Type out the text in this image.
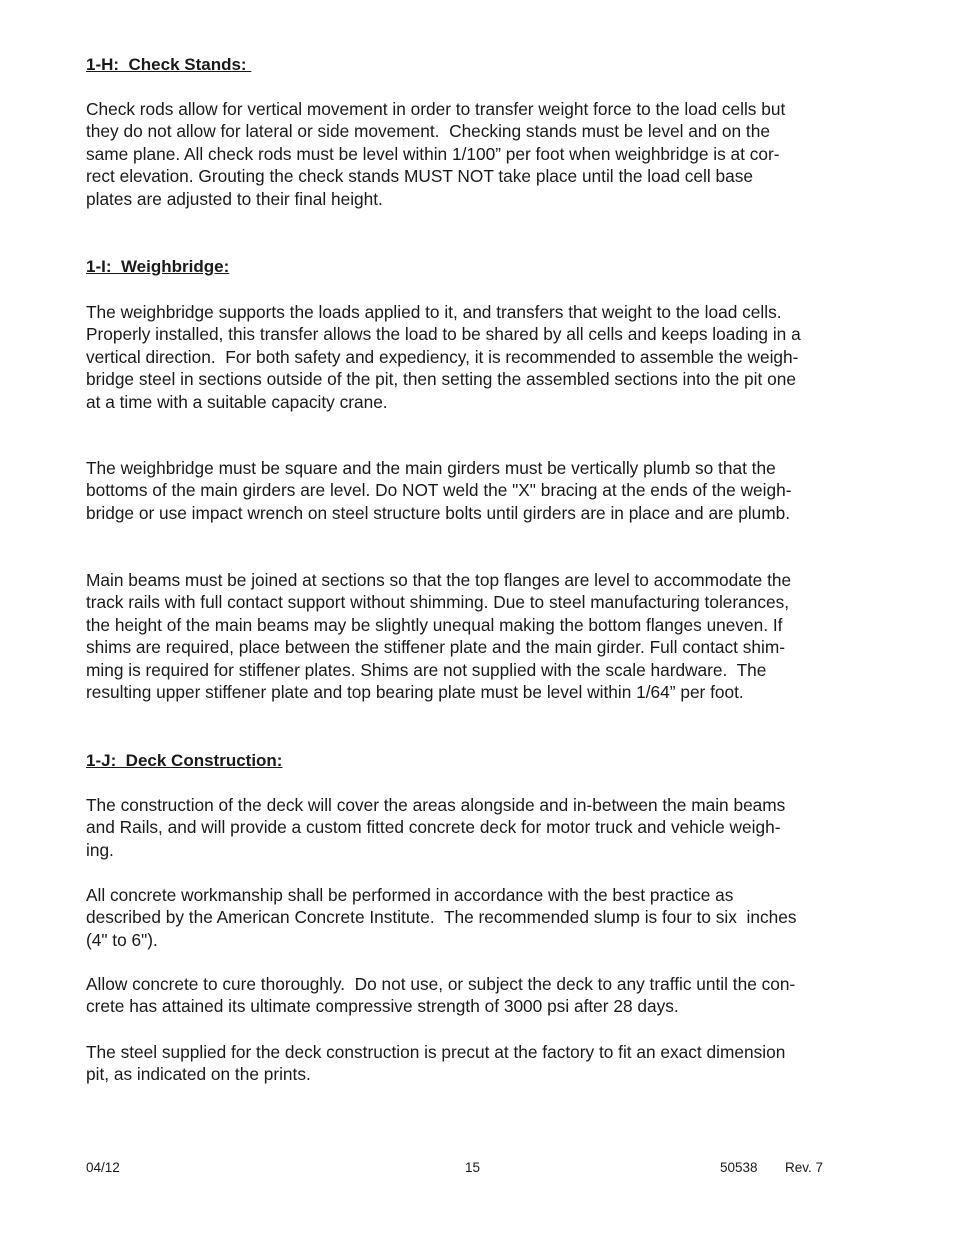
1-H:  Check Stands:

Check rods allow for vertical movement in order to transfer weight force to the load cells but
they do not allow for lateral or side movement.  Checking stands must be level and on the
same plane. All check rods must be level within 1/100” per foot when weighbridge is at cor-
rect elevation. Grouting the check stands MUST NOT take place until the load cell base
plates are adjusted to their final height.

1-I:  Weighbridge:

The weighbridge supports the loads applied to it, and transfers that weight to the load cells.
Properly installed, this transfer allows the load to be shared by all cells and keeps loading in a
vertical direction.  For both safety and expediency, it is recommended to assemble the weigh-
bridge steel in sections outside of the pit, then setting the assembled sections into the pit one
at a time with a suitable capacity crane.

The weighbridge must be square and the main girders must be vertically plumb so that the
bottoms of the main girders are level. Do NOT weld the "X" bracing at the ends of the weigh-
bridge or use impact wrench on steel structure bolts until girders are in place and are plumb.

Main beams must be joined at sections so that the top flanges are level to accommodate the
track rails with full contact support without shimming. Due to steel manufacturing tolerances,
the height of the main beams may be slightly unequal making the bottom flanges uneven. If
shims are required, place between the stiffener plate and the main girder. Full contact shim-
ming is required for stiffener plates. Shims are not supplied with the scale hardware.  The
resulting upper stiffener plate and top bearing plate must be level within 1/64” per foot.

1-J:  Deck Construction:

The construction of the deck will cover the areas alongside and in-between the main beams
and Rails, and will provide a custom fitted concrete deck for motor truck and vehicle weigh-
ing.

All concrete workmanship shall be performed in accordance with the best practice as
described by the American Concrete Institute.  The recommended slump is four to six  inches
(4" to 6").

Allow concrete to cure thoroughly.  Do not use, or subject the deck to any traffic until the con-
crete has attained its ultimate compressive strength of 3000 psi after 28 days.

The steel supplied for the deck construction is precut at the factory to fit an exact dimension
pit, as indicated on the prints.

04/12	15	50538 Rev. 7
